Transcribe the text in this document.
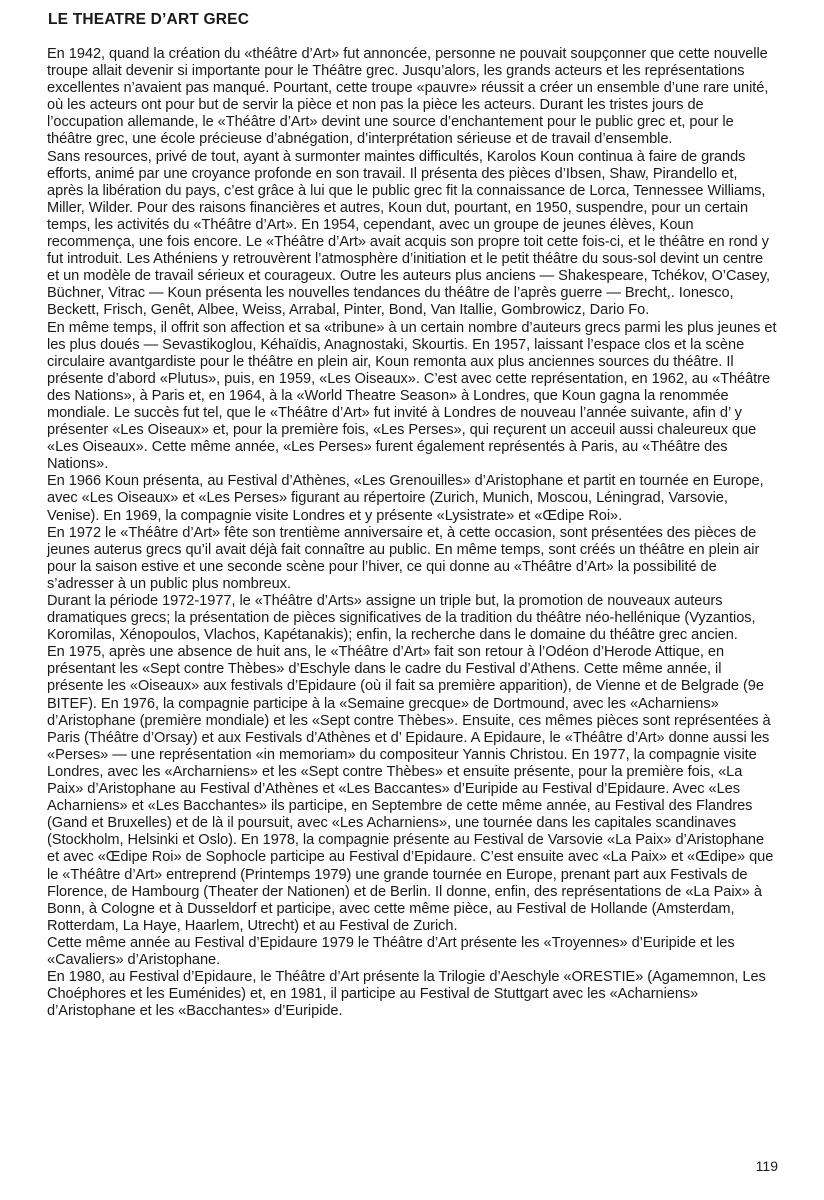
LE THEATRE D’ART GREC

En 1942, quand la création du «théâtre d’Art» fut annoncée, personne ne pouvait soupçonner que cette nouvelle troupe allait devenir si importante pour le Théâtre grec. Jusqu’alors, les grands acteurs et les représentations excellentes n’avaient pas manqué. Pourtant, cette troupe «pauvre» réussit a créer un ensemble d’une rare unité, où les acteurs ont pour but de servir la pièce et non pas la pièce les acteurs. Durant les tristes jours de l’occupation allemande, le «Théâtre d’Art» devint une source d’enchantement pour le public grec et, pour le théâtre grec, une école précieuse d’abnégation, d’interprétation sérieuse et de travail d’ensemble.

Sans resources, privé de tout, ayant à surmonter maintes difficultés, Karolos Koun continua à faire de grands efforts, animé par une croyance profonde en son travail. Il présenta des pièces d’Ibsen, Shaw, Pirandello et, après la libération du pays, c’est grâce à lui que le public grec fit la connaissance de Lorca, Tennessee Williams, Miller, Wilder. Pour des raisons financières et autres, Koun dut, pourtant, en 1950, suspendre, pour un certain temps, les activités du «Théâtre d’Art». En 1954, cependant, avec un groupe de jeunes élèves, Koun recommença, une fois encore. Le «Théâtre d’Art» avait acquis son propre toit cette fois-ci, et le théâtre en rond y fut introduit. Les Athéniens y retrouvèrent l’atmosphère d’initiation et le petit théâtre du sous-sol devint un centre et un modèle de travail sérieux et courageux. Outre les auteurs plus anciens — Shakespeare, Tchékov, O’Casey, Büchner, Vitrac — Koun présenta les nouvelles tendances du théâtre de l’après guerre — Brecht,. Ionesco, Beckett, Frisch, Genêt, Albee, Weiss, Arrabal, Pinter, Bond, Van Itallie, Gombrowicz, Dario Fo.

En même temps, il offrit son affection et sa «tribune» à un certain nombre d’auteurs grecs parmi les plus jeunes et les plus doués — Sevastikoglou, Kéhaïdis, Anagnostaki, Skourtis. En 1957, laissant l’espace clos et la scène circulaire avantgardiste pour le théâtre en plein air, Koun remonta aux plus anciennes sources du théâtre. Il présente d’abord «Plutus», puis, en 1959, «Les Oiseaux». C’est avec cette représentation, en 1962, au «Théâtre des Nations», à Paris et, en 1964, à la «World Theatre Season» à Londres, que Koun gagna la renommée mondiale. Le succès fut tel, que le «Théâtre d’Art» fut invité à Londres de nouveau l’année suivante, afin d’ y présenter «Les Oiseaux» et, pour la première fois, «Les Perses», qui reçurent un acceuil aussi chaleureux que «Les Oiseaux». Cette même année, «Les Perses» furent également représentés à Paris, au «Théâtre des Nations».

En 1966 Koun présenta, au Festival d’Athènes, «Les Grenouilles» d’Aristophane et partit en tournée en Europe, avec «Les Oiseaux» et «Les Perses» figurant au répertoire (Zurich, Munich, Moscou, Léningrad, Varsovie, Venise). En 1969, la compagnie visite Londres et y présente «Lysistrate» et «Œdipe Roi».

En 1972 le «Théâtre d’Art» fête son trentième anniversaire et, à cette occasion, sont présentées des pièces de jeunes auterus grecs qu’il avait déjà fait connaître au public. En même temps, sont créés un théâtre en plein air pour la saison estive et une seconde scène pour l’hiver, ce qui donne au «Théâtre d’Art» la possibilité de s’adresser à un public plus nombreux.

Durant la période 1972-1977, le «Théâtre d’Arts» assigne un triple but, la promotion de nouveaux auteurs dramatiques grecs; la présentation de pièces significatives de la tradition du théâtre néo-hellénique (Vyzantios, Koromilas, Xénopoulos, Vlachos, Kapétanakis); enfin, la recherche dans le domaine du théâtre grec ancien.

En 1975, après une absence de huit ans, le «Théâtre d’Art» fait son retour à l’Odéon d’Herode Attique, en présentant les «Sept contre Thèbes» d’Eschyle dans le cadre du Festival d’Athens. Cette même année, il présente les «Oiseaux» aux festivals d’Epidaure (où il fait sa première apparition), de Vienne et de Belgrade (9e BITEF). En 1976, la compagnie participe à la «Semaine grecque» de Dortmound, avec les «Acharniens» d’Aristophane (première mondiale) et les «Sept contre Thèbes». Ensuite, ces mêmes pièces sont représentées à Paris (Théâtre d’Orsay) et aux Festivals d’Athènes et d’ Epidaure. A Epidaure, le «Théâtre d’Art» donne aussi les «Perses» — une représentation «in memoriam» du compositeur Yannis Christou. En 1977, la compagnie visite Londres, avec les «Archarniens» et les «Sept contre Thèbes» et ensuite présente, pour la première fois, «La Paix» d’Aristophane au Festival d’Athènes et «Les Baccantes» d’Euripide au Festival d’Epidaure. Avec «Les Acharniens» et «Les Bacchantes» ils participe, en Septembre de cette même année, au Festival des Flandres (Gand et Bruxelles) et de là il poursuit, avec «Les Acharniens», une tournée dans les capitales scandinaves (Stockholm, Helsinki et Oslo). En 1978, la compagnie présente au Festival de Varsovie «La Paix» d’Aristophane et avec «Œdipe Roi» de Sophocle participe au Festival d’Epidaure. C’est ensuite avec «La Paix» et «Œdipe» que le «Théâtre d’Art» entreprend (Printemps 1979) une grande tournée en Europe, prenant part aux Festivals de Florence, de Hambourg (Theater der Nationen) et de Berlin. Il donne, enfin, des représentations de «La Paix» à Bonn, à Cologne et à Dusseldorf et participe, avec cette même pièce, au Festival de Hollande (Amsterdam, Rotterdam, La Haye, Haarlem, Utrecht) et au Festival de Zurich.

Cette même année au Festival d’Epidaure 1979 le Théâtre d’Art présente les «Troyennes» d’Euripide et les «Cavaliers» d’Aristophane.

En 1980, au Festival d’Epidaure, le Théâtre d’Art présente la Trilogie d’Aeschyle «ORESTIE» (Agamemnon, Les Choéphores et les Euménides) et, en 1981, il participe au Festival de Stuttgart avec les «Acharniens» d’Aristophane et les «Bacchantes» d’Euripide.

119
